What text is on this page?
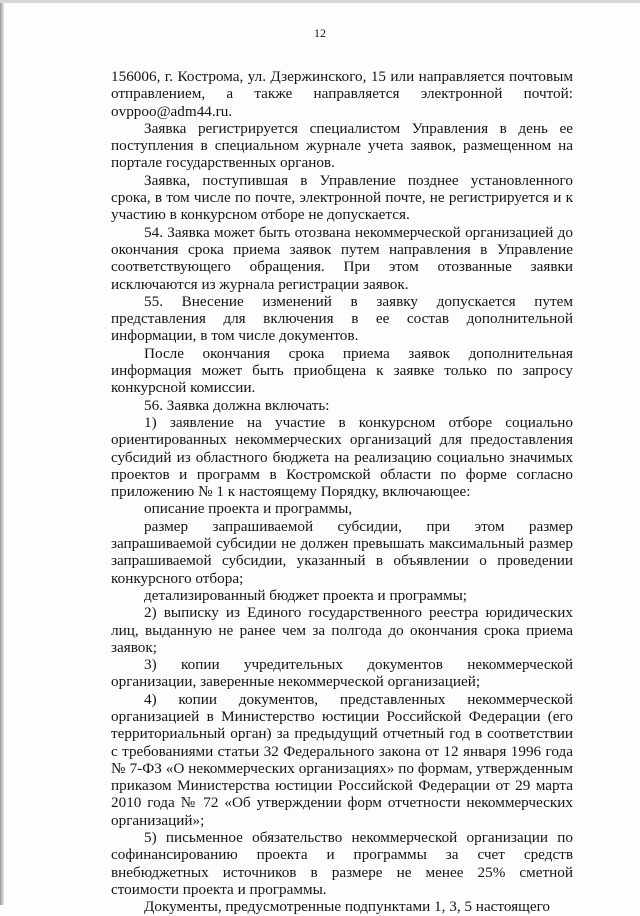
12

156006, г. Кострома, ул. Дзержинского, 15 или направляется почтовым отправлением, а также направляется электронной почтой: ovppoo@adm44.ru.

Заявка регистрируется специалистом Управления в день ее поступления в специальном журнале учета заявок, размещенном на портале государственных органов.

Заявка, поступившая в Управление позднее установленного срока, в том числе по почте, электронной почте, не регистрируется и к участию в конкурсном отборе не допускается.

54. Заявка может быть отозвана некоммерческой организацией до окончания срока приема заявок путем направления в Управление соответствующего обращения. При этом отозванные заявки исключаются из журнала регистрации заявок.

55. Внесение изменений в заявку допускается путем представления для включения в ее состав дополнительной информации, в том числе документов.

После окончания срока приема заявок дополнительная информация может быть приобщена к заявке только по запросу конкурсной комиссии.

56. Заявка должна включать:

1) заявление на участие в конкурсном отборе социально ориентированных некоммерческих организаций для предоставления субсидий из областного бюджета на реализацию социально значимых проектов и программ в Костромской области по форме согласно приложению № 1 к настоящему Порядку, включающее:

описание проекта и программы,

размер запрашиваемой субсидии, при этом размер запрашиваемой субсидии не должен превышать максимальный размер запрашиваемой субсидии, указанный в объявлении о проведении конкурсного отбора;

детализированный бюджет проекта и программы;

2) выписку из Единого государственного реестра юридических лиц, выданную не ранее чем за полгода до окончания срока приема заявок;

3) копии учредительных документов некоммерческой организации, заверенные некоммерческой организацией;

4) копии документов, представленных некоммерческой организацией в Министерство юстиции Российской Федерации (его территориальный орган) за предыдущий отчетный год в соответствии с требованиями статьи 32 Федерального закона от 12 января 1996 года № 7-ФЗ «О некоммерческих организациях» по формам, утвержденным приказом Министерства юстиции Российской Федерации от 29 марта 2010 года № 72 «Об утверждении форм отчетности некоммерческих организаций»;

5) письменное обязательство некоммерческой организации по софинансированию проекта и программы за счет средств внебюджетных источников в размере не менее 25% сметной стоимости проекта и программы.

Документы, предусмотренные подпунктами 1, 3, 5 настоящего
